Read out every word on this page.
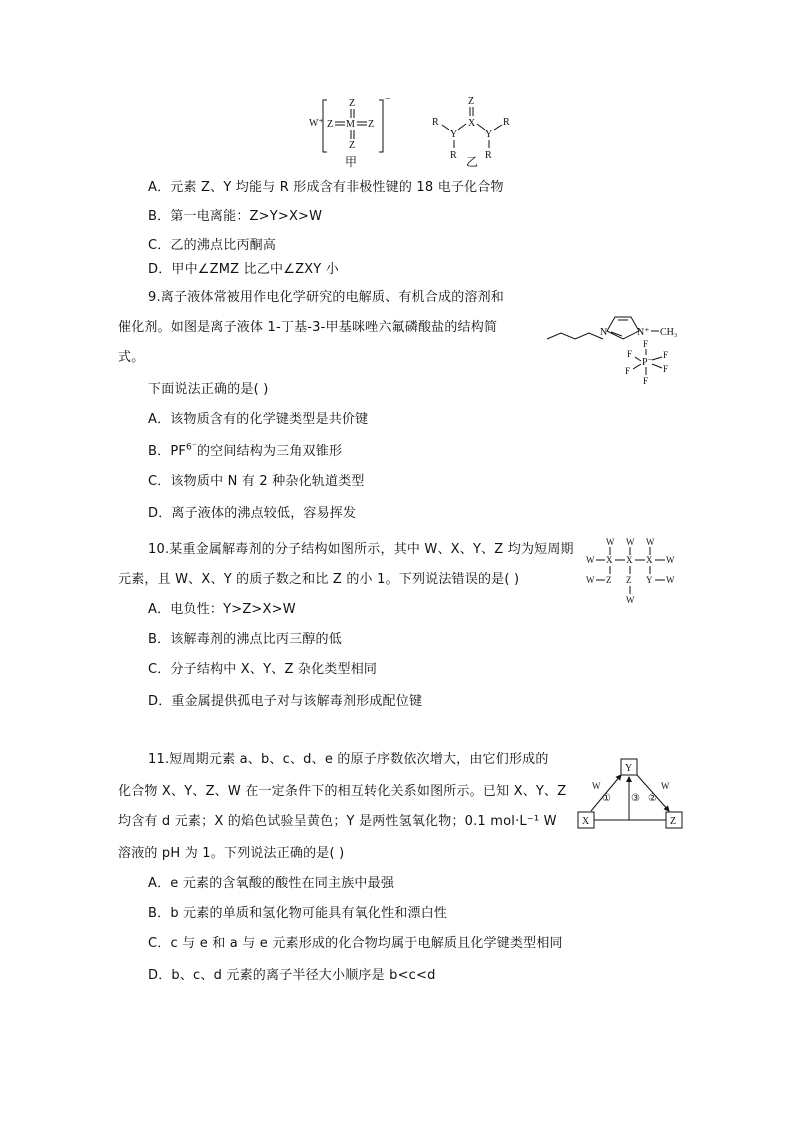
W⁺
−
Z
Z M Z
Z
甲
Z
X
Y	Y
R
R
R
R
乙
A．元素 Z、Y 均能与 R 形成含有非极性键的 18 电子化合物
B．第一电离能：Z>Y>X>W
C．乙的沸点比丙酮高
D．甲中∠ZMZ 比乙中∠ZXY 小
9.离子液体常被用作电化学研究的电解质、有机合成的溶剂和
催化剂。如图是离子液体 1-丁基-3-甲基咪唑六氟磷酸盐的结构简
式。
下面说法正确的是( )
A．该物质含有的化学键类型是共价键
B．$PF^{6^-}$的空间结构为三角双锥形
C．该物质中 N 有 2 种杂化轨道类型
D．离子液体的沸点较低，容易挥发
N	N⁺ CH₃
F
P⁻
F	F
F	F
F
10.某重金属解毒剂的分子结构如图所示，其中 W、X、Y、Z 均为短周期
元素，且 W、X、Y 的质子数之和比 Z 的小 1。下列说法错误的是( )
A．电负性：Y>Z>X>W
B．该解毒剂的沸点比丙三醇的低
C．分子结构中 X、Y、Z 杂化类型相同
D．重金属提供孤电子对与该解毒剂形成配位键
W W W
W X X X W
W Z Z Y W
W
11.短周期元素 a、b、c、d、e 的原子序数依次增大，由它们形成的
化合物 X、Y、Z、W 在一定条件下的相互转化关系如图所示。已知 X、Y、Z
均含有 d 元素；X 的焰色试验呈黄色；Y 是两性氢氧化物；0.1 mol·L⁻¹ W
溶液的 pH 为 1。下列说法正确的是( )
A．e 元素的含氧酸的酸性在同主族中最强
B．b 元素的单质和氢化物可能具有氧化性和漂白性
C．c 与 e 和 a 与 e 元素形成的化合物均属于电解质且化学键类型相同
D．b、c、d 元素的离子半径大小顺序是 b<c<d
Y
X	Z
W
① ③ ②
W
